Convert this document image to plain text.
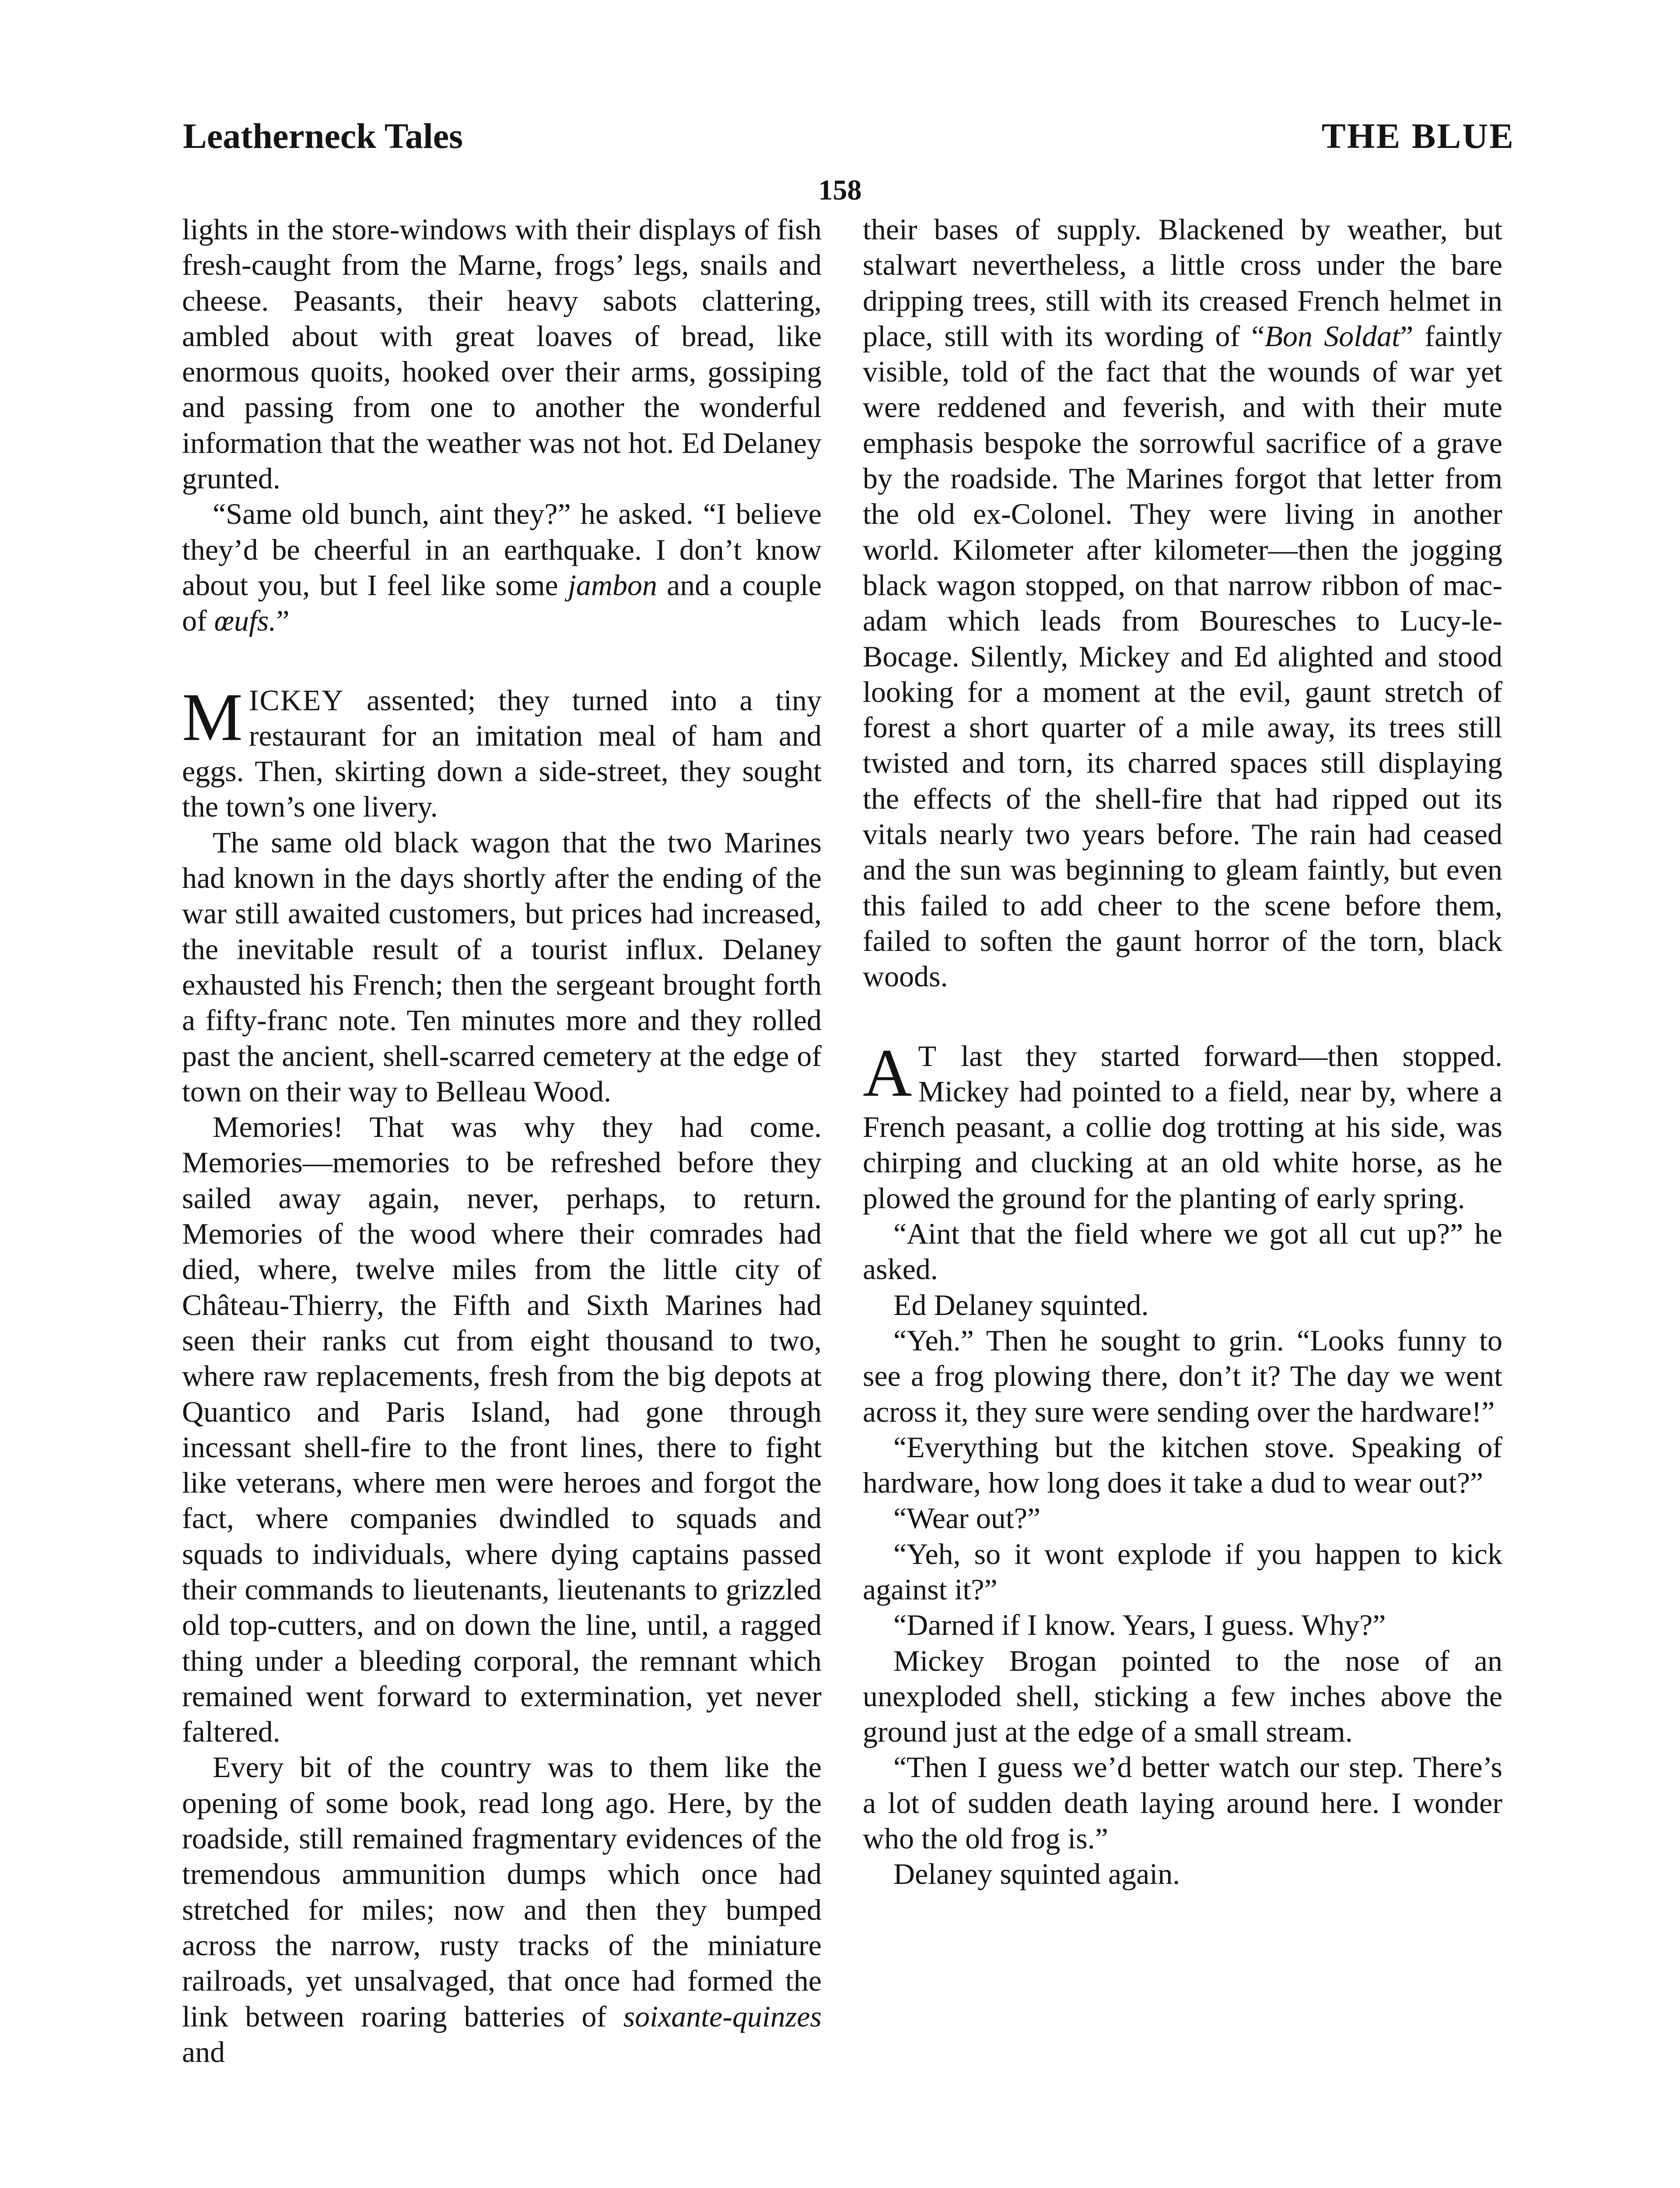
Leatherneck Tales	THE BLUE
158

lights in the store-windows with their displays of fish fresh-caught from the Marne, frogs’ legs, snails and cheese. Peasants, their heavy sabots clattering, ambled about with great loaves of bread, like enormous quoits, hooked over their arms, gossiping and passing from one to another the wonderful information that the weather was not hot. Ed Delaney grunted.

“Same old bunch, aint they?” he asked. “I believe they’d be cheerful in an earthquake. I don’t know about you, but I feel like some jambon and a couple of œufs.”

MICKEY assented; they turned into a tiny restaurant for an imitation meal of ham and eggs. Then, skirting down a side-street, they sought the town’s one livery.

The same old black wagon that the two Marines had known in the days shortly after the ending of the war still awaited customers, but prices had increased, the inevitable result of a tourist influx. Delaney exhausted his French; then the sergeant brought forth a fifty-franc note. Ten minutes more and they rolled past the ancient, shell-scarred cemetery at the edge of town on their way to Belleau Wood.

Memories! That was why they had come. Memories—memories to be refreshed before they sailed away again, never, perhaps, to return. Memories of the wood where their comrades had died, where, twelve miles from the little city of Château-Thierry, the Fifth and Sixth Marines had seen their ranks cut from eight thousand to two, where raw replacements, fresh from the big depots at Quantico and Paris Island, had gone through incessant shell-fire to the front lines, there to fight like veterans, where men were heroes and forgot the fact, where companies dwindled to squads and squads to individuals, where dying captains passed their commands to lieutenants, lieutenants to grizzled old top-cutters, and on down the line, until, a ragged thing under a bleeding corporal, the remnant which remained went forward to extermination, yet never faltered.

Every bit of the country was to them like the opening of some book, read long ago. Here, by the roadside, still remained fragmentary evidences of the tremendous ammunition dumps which once had stretched for miles; now and then they bumped across the narrow, rusty tracks of the miniature railroads, yet unsalvaged, that once had formed the link between roaring batteries of soixante-quinzes and

their bases of supply. Blackened by weather, but stalwart nevertheless, a little cross under the bare dripping trees, still with its creased French helmet in place, still with its wording of “Bon Soldat” faintly visible, told of the fact that the wounds of war yet were reddened and feverish, and with their mute emphasis bespoke the sorrowful sacrifice of a grave by the roadside. The Marines forgot that letter from the old ex-Colonel. They were living in another world. Kilometer after kilometer—then the jogging black wagon stopped, on that narrow ribbon of macadam which leads from Bouresches to Lucy-le-Bocage. Silently, Mickey and Ed alighted and stood looking for a moment at the evil, gaunt stretch of forest a short quarter of a mile away, its trees still twisted and torn, its charred spaces still displaying the effects of the shell-fire that had ripped out its vitals nearly two years before. The rain had ceased and the sun was beginning to gleam faintly, but even this failed to add cheer to the scene before them, failed to soften the gaunt horror of the torn, black woods.

A T last they started forward—then stopped. Mickey had pointed to a field, near by, where a French peasant, a collie dog trotting at his side, was chirping and clucking at an old white horse, as he plowed the ground for the planting of early spring.

“Aint that the field where we got all cut up?” he asked.

Ed Delaney squinted.

“Yeh.” Then he sought to grin. “Looks funny to see a frog plowing there, don’t it? The day we went across it, they sure were sending over the hardware!”

“Everything but the kitchen stove. Speaking of hardware, how long does it take a dud to wear out?”

“Wear out?”

“Yeh, so it wont explode if you happen to kick against it?”

“Darned if I know. Years, I guess. Why?”

Mickey Brogan pointed to the nose of an unexploded shell, sticking a few inches above the ground just at the edge of a small stream.

“Then I guess we’d better watch our step. There’s a lot of sudden death laying around here. I wonder who the old frog is.”

Delaney squinted again.
